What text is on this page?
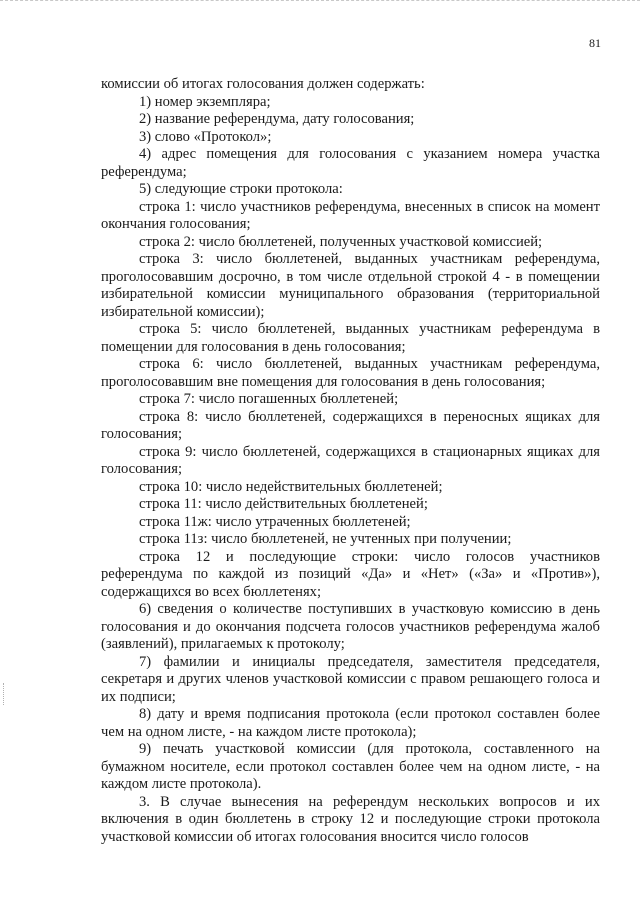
81

комиссии об итогах голосования должен содержать:

1) номер экземпляра;

2) название референдума, дату голосования;

3) слово «Протокол»;

4) адрес помещения для голосования с указанием номера участка референдума;

5) следующие строки протокола:

строка 1: число участников референдума, внесенных в список на момент окончания голосования;

строка 2: число бюллетеней, полученных участковой комиссией;

строка 3: число бюллетеней, выданных участникам референдума, проголосовавшим досрочно, в том числе отдельной строкой 4 - в помещении избирательной комиссии муниципального образования (территориальной избирательной комиссии);

строка 5: число бюллетеней, выданных участникам референдума в помещении для голосования в день голосования;

строка 6: число бюллетеней, выданных участникам референдума, проголосовавшим вне помещения для голосования в день голосования;

строка 7: число погашенных бюллетеней;

строка 8: число бюллетеней, содержащихся в переносных ящиках для голосования;

строка 9: число бюллетеней, содержащихся в стационарных ящиках для голосования;

строка 10: число недействительных бюллетеней;

строка 11: число действительных бюллетеней;

строка 11ж: число утраченных бюллетеней;

строка 11з: число бюллетеней, не учтенных при получении;

строка 12 и последующие строки: число голосов участников референдума по каждой из позиций «Да» и «Нет» («За» и «Против»), содержащихся во всех бюллетенях;

6) сведения о количестве поступивших в участковую комиссию в день голосования и до окончания подсчета голосов участников референдума жалоб (заявлений), прилагаемых к протоколу;

7) фамилии и инициалы председателя, заместителя председателя, секретаря и других членов участковой комиссии с правом решающего голоса и их подписи;

8) дату и время подписания протокола (если протокол составлен более чем на одном листе, - на каждом листе протокола);

9) печать участковой комиссии (для протокола, составленного на бумажном носителе, если протокол составлен более чем на одном листе, - на каждом листе протокола).

3. В случае вынесения на референдум нескольких вопросов и их включения в один бюллетень в строку 12 и последующие строки протокола участковой комиссии об итогах голосования вносится число голосов
